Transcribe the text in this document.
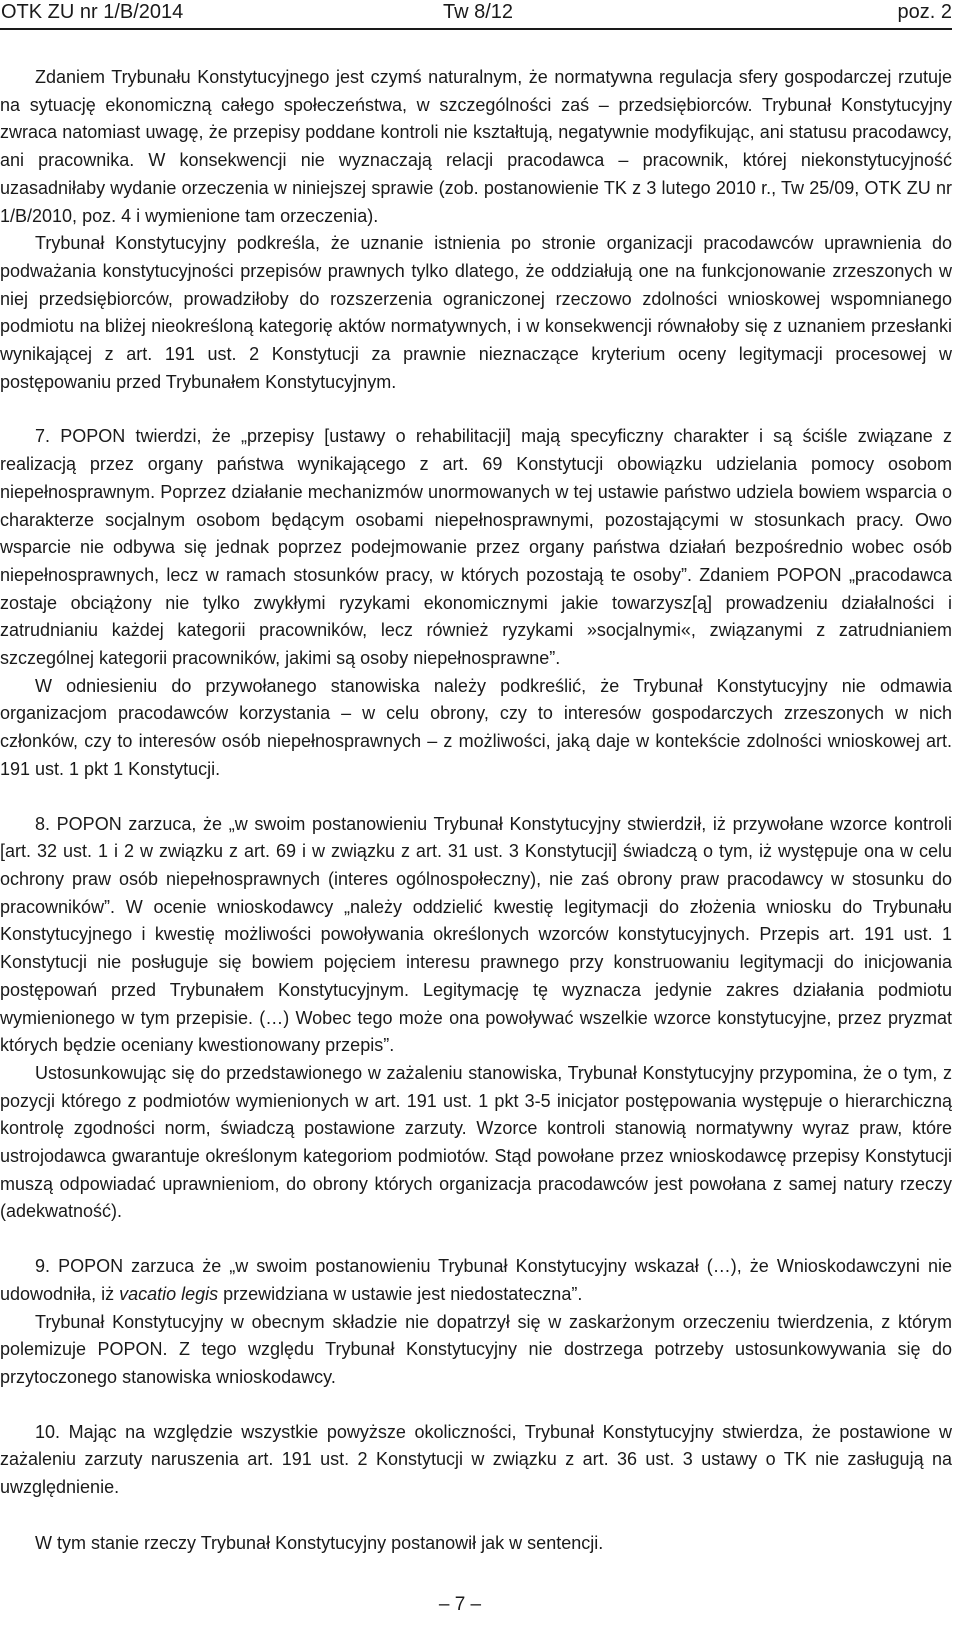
OTK ZU nr 1/B/2014	Tw 8/12	poz. 2

Zdaniem Trybunału Konstytucyjnego jest czymś naturalnym, że normatywna regulacja sfery gospodarczej rzutuje na sytuację ekonomiczną całego społeczeństwa, w szczególności zaś – przedsiębiorców. Trybunał Konstytucyjny zwraca natomiast uwagę, że przepisy poddane kontroli nie kształtują, negatywnie modyfikując, ani statusu pracodawcy, ani pracownika. W konsekwencji nie wyznaczają relacji pracodawca – pracownik, której niekonstytucyjność uzasadniłaby wydanie orzeczenia w niniejszej sprawie (zob. postanowienie TK z 3 lutego 2010 r., Tw 25/09, OTK ZU nr 1/B/2010, poz. 4 i wymienione tam orzeczenia).

Trybunał Konstytucyjny podkreśla, że uznanie istnienia po stronie organizacji pracodawców uprawnienia do podważania konstytucyjności przepisów prawnych tylko dlatego, że oddziałują one na funkcjonowanie zrzeszonych w niej przedsiębiorców, prowadziłoby do rozszerzenia ograniczonej rzeczowo zdolności wnioskowej wspomnianego podmiotu na bliżej nieokreśloną kategorię aktów normatywnych, i w konsekwencji równałoby się z uznaniem przesłanki wynikającej z art. 191 ust. 2 Konstytucji za prawnie nieznaczące kryterium oceny legitymacji procesowej w postępowaniu przed Trybunałem Konstytucyjnym.

7. POPON twierdzi, że „przepisy [ustawy o rehabilitacji] mają specyficzny charakter i są ściśle związane z realizacją przez organy państwa wynikającego z art. 69 Konstytucji obowiązku udzielania pomocy osobom niepełnosprawnym. Poprzez działanie mechanizmów unormowanych w tej ustawie państwo udziela bowiem wsparcia o charakterze socjalnym osobom będącym osobami niepełnosprawnymi, pozostającymi w stosunkach pracy. Owo wsparcie nie odbywa się jednak poprzez podejmowanie przez organy państwa działań bezpośrednio wobec osób niepełnosprawnych, lecz w ramach stosunków pracy, w których pozostają te osoby”. Zdaniem POPON „pracodawca zostaje obciążony nie tylko zwykłymi ryzykami ekonomicznymi jakie towarzysz[ą] prowadzeniu działalności i zatrudnianiu każdej kategorii pracowników, lecz również ryzykami »socjalnymi«, związanymi z zatrudnianiem szczególnej kategorii pracowników, jakimi są osoby niepełnosprawne”.

W odniesieniu do przywołanego stanowiska należy podkreślić, że Trybunał Konstytucyjny nie odmawia organizacjom pracodawców korzystania – w celu obrony, czy to interesów gospodarczych zrzeszonych w nich członków, czy to interesów osób niepełnosprawnych – z możliwości, jaką daje w kontekście zdolności wnioskowej art. 191 ust. 1 pkt 1 Konstytucji.

8. POPON zarzuca, że „w swoim postanowieniu Trybunał Konstytucyjny stwierdził, iż przywołane wzorce kontroli [art. 32 ust. 1 i 2 w związku z art. 69 i w związku z art. 31 ust. 3 Konstytucji] świadczą o tym, iż występuje ona w celu ochrony praw osób niepełnosprawnych (interes ogólnospołeczny), nie zaś obrony praw pracodawcy w stosunku do pracowników”. W ocenie wnioskodawcy „należy oddzielić kwestię legitymacji do złożenia wniosku do Trybunału Konstytucyjnego i kwestię możliwości powoływania określonych wzorców konstytucyjnych. Przepis art. 191 ust. 1 Konstytucji nie posługuje się bowiem pojęciem interesu prawnego przy konstruowaniu legitymacji do inicjowania postępowań przed Trybunałem Konstytucyjnym. Legitymację tę wyznacza jedynie zakres działania podmiotu wymienionego w tym przepisie. (…) Wobec tego może ona powoływać wszelkie wzorce konstytucyjne, przez pryzmat których będzie oceniany kwestionowany przepis”.

Ustosunkowując się do przedstawionego w zażaleniu stanowiska, Trybunał Konstytucyjny przypomina, że o tym, z pozycji którego z podmiotów wymienionych w art. 191 ust. 1 pkt 3-5 inicjator postępowania występuje o hierarchiczną kontrolę zgodności norm, świadczą postawione zarzuty. Wzorce kontroli stanowią normatywny wyraz praw, które ustrojodawca gwarantuje określonym kategoriom podmiotów. Stąd powołane przez wnioskodawcę przepisy Konstytucji muszą odpowiadać uprawnieniom, do obrony których organizacja pracodawców jest powołana z samej natury rzeczy (adekwatność).

9. POPON zarzuca że „w swoim postanowieniu Trybunał Konstytucyjny wskazał (…), że Wnioskodawczyni nie udowodniła, iż vacatio legis przewidziana w ustawie jest niedostateczna”.

Trybunał Konstytucyjny w obecnym składzie nie dopatrzył się w zaskarżonym orzeczeniu twierdzenia, z którym polemizuje POPON. Z tego względu Trybunał Konstytucyjny nie dostrzega potrzeby ustosunkowywania się do przytoczonego stanowiska wnioskodawcy.

10. Mając na względzie wszystkie powyższe okoliczności, Trybunał Konstytucyjny stwierdza, że postawione w zażaleniu zarzuty naruszenia art. 191 ust. 2 Konstytucji w związku z art. 36 ust. 3 ustawy o TK nie zasługują na uwzględnienie.

W tym stanie rzeczy Trybunał Konstytucyjny postanowił jak w sentencji.

– 7 –
